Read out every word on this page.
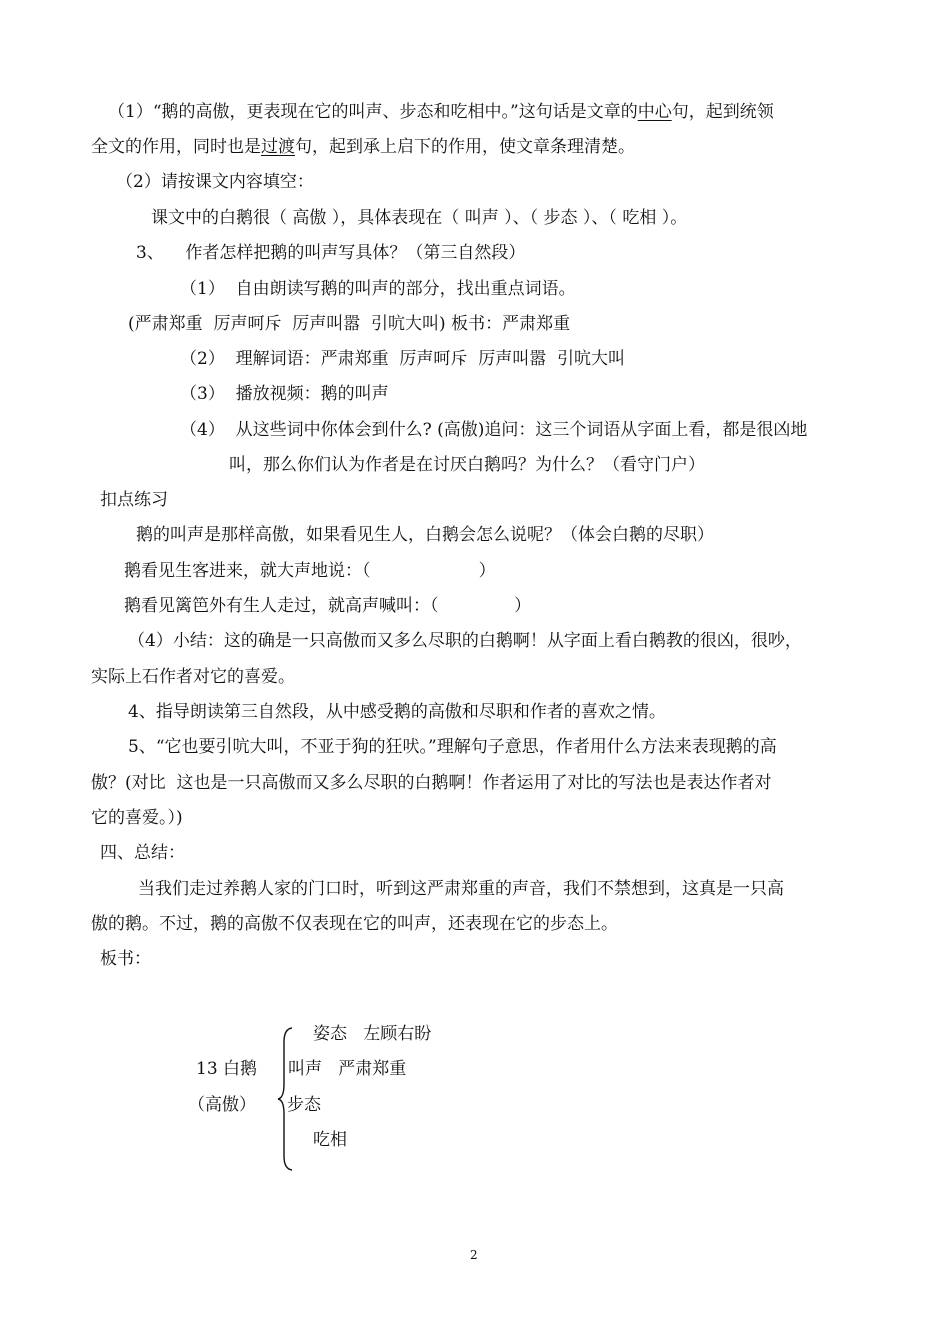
（1）“鹅的高傲，更表现在它的叫声、步态和吃相中。”这句话是文章的中心句，起到统领
全文的作用，同时也是过渡句，起到承上启下的作用，使文章条理清楚。
（2）请按课文内容填空：
课文中的白鹅很（ 高傲 ），具体表现在（ 叫声 ）、（ 步态 ）、（ 吃相 ）。
3、    作者怎样把鹅的叫声写具体？（第三自然段）
（1）  自由朗读写鹅的叫声的部分，找出重点词语。
(严肃郑重  厉声呵斥  厉声叫嚣  引吭大叫) 板书：严肃郑重
（2）  理解词语：严肃郑重  厉声呵斥  厉声叫嚣  引吭大叫
（3）  播放视频：鹅的叫声
（4）  从这些词中你体会到什么? (高傲)追问：这三个词语从字面上看，都是很凶地
叫，那么你们认为作者是在讨厌白鹅吗？为什么？（看守门户）
扣点练习
鹅的叫声是那样高傲，如果看见生人，白鹅会怎么说呢？（体会白鹅的尽职）
鹅看见生客进来，就大声地说：（                    ）
鹅看见篱笆外有生人走过，就高声喊叫：（              ）
（4）小结：这的确是一只高傲而又多么尽职的白鹅啊！从字面上看白鹅教的很凶，很吵，
实际上石作者对它的喜爱。
4、指导朗读第三自然段，从中感受鹅的高傲和尽职和作者的喜欢之情。
5、“它也要引吭大叫，不亚于狗的狂吠。”理解句子意思，作者用什么方法来表现鹅的高
傲？(对比  这也是一只高傲而又多么尽职的白鹅啊！作者运用了对比的写法也是表达作者对
它的喜爱。）)
四、总结：
当我们走过养鹅人家的门口时，听到这严肃郑重的声音，我们不禁想到，这真是一只高
傲的鹅。不过，鹅的高傲不仅表现在它的叫声，还表现在它的步态上。
板书：
13 白鹅
（高傲）
姿态   左顾右盼
叫声   严肃郑重
步态
吃相
2
